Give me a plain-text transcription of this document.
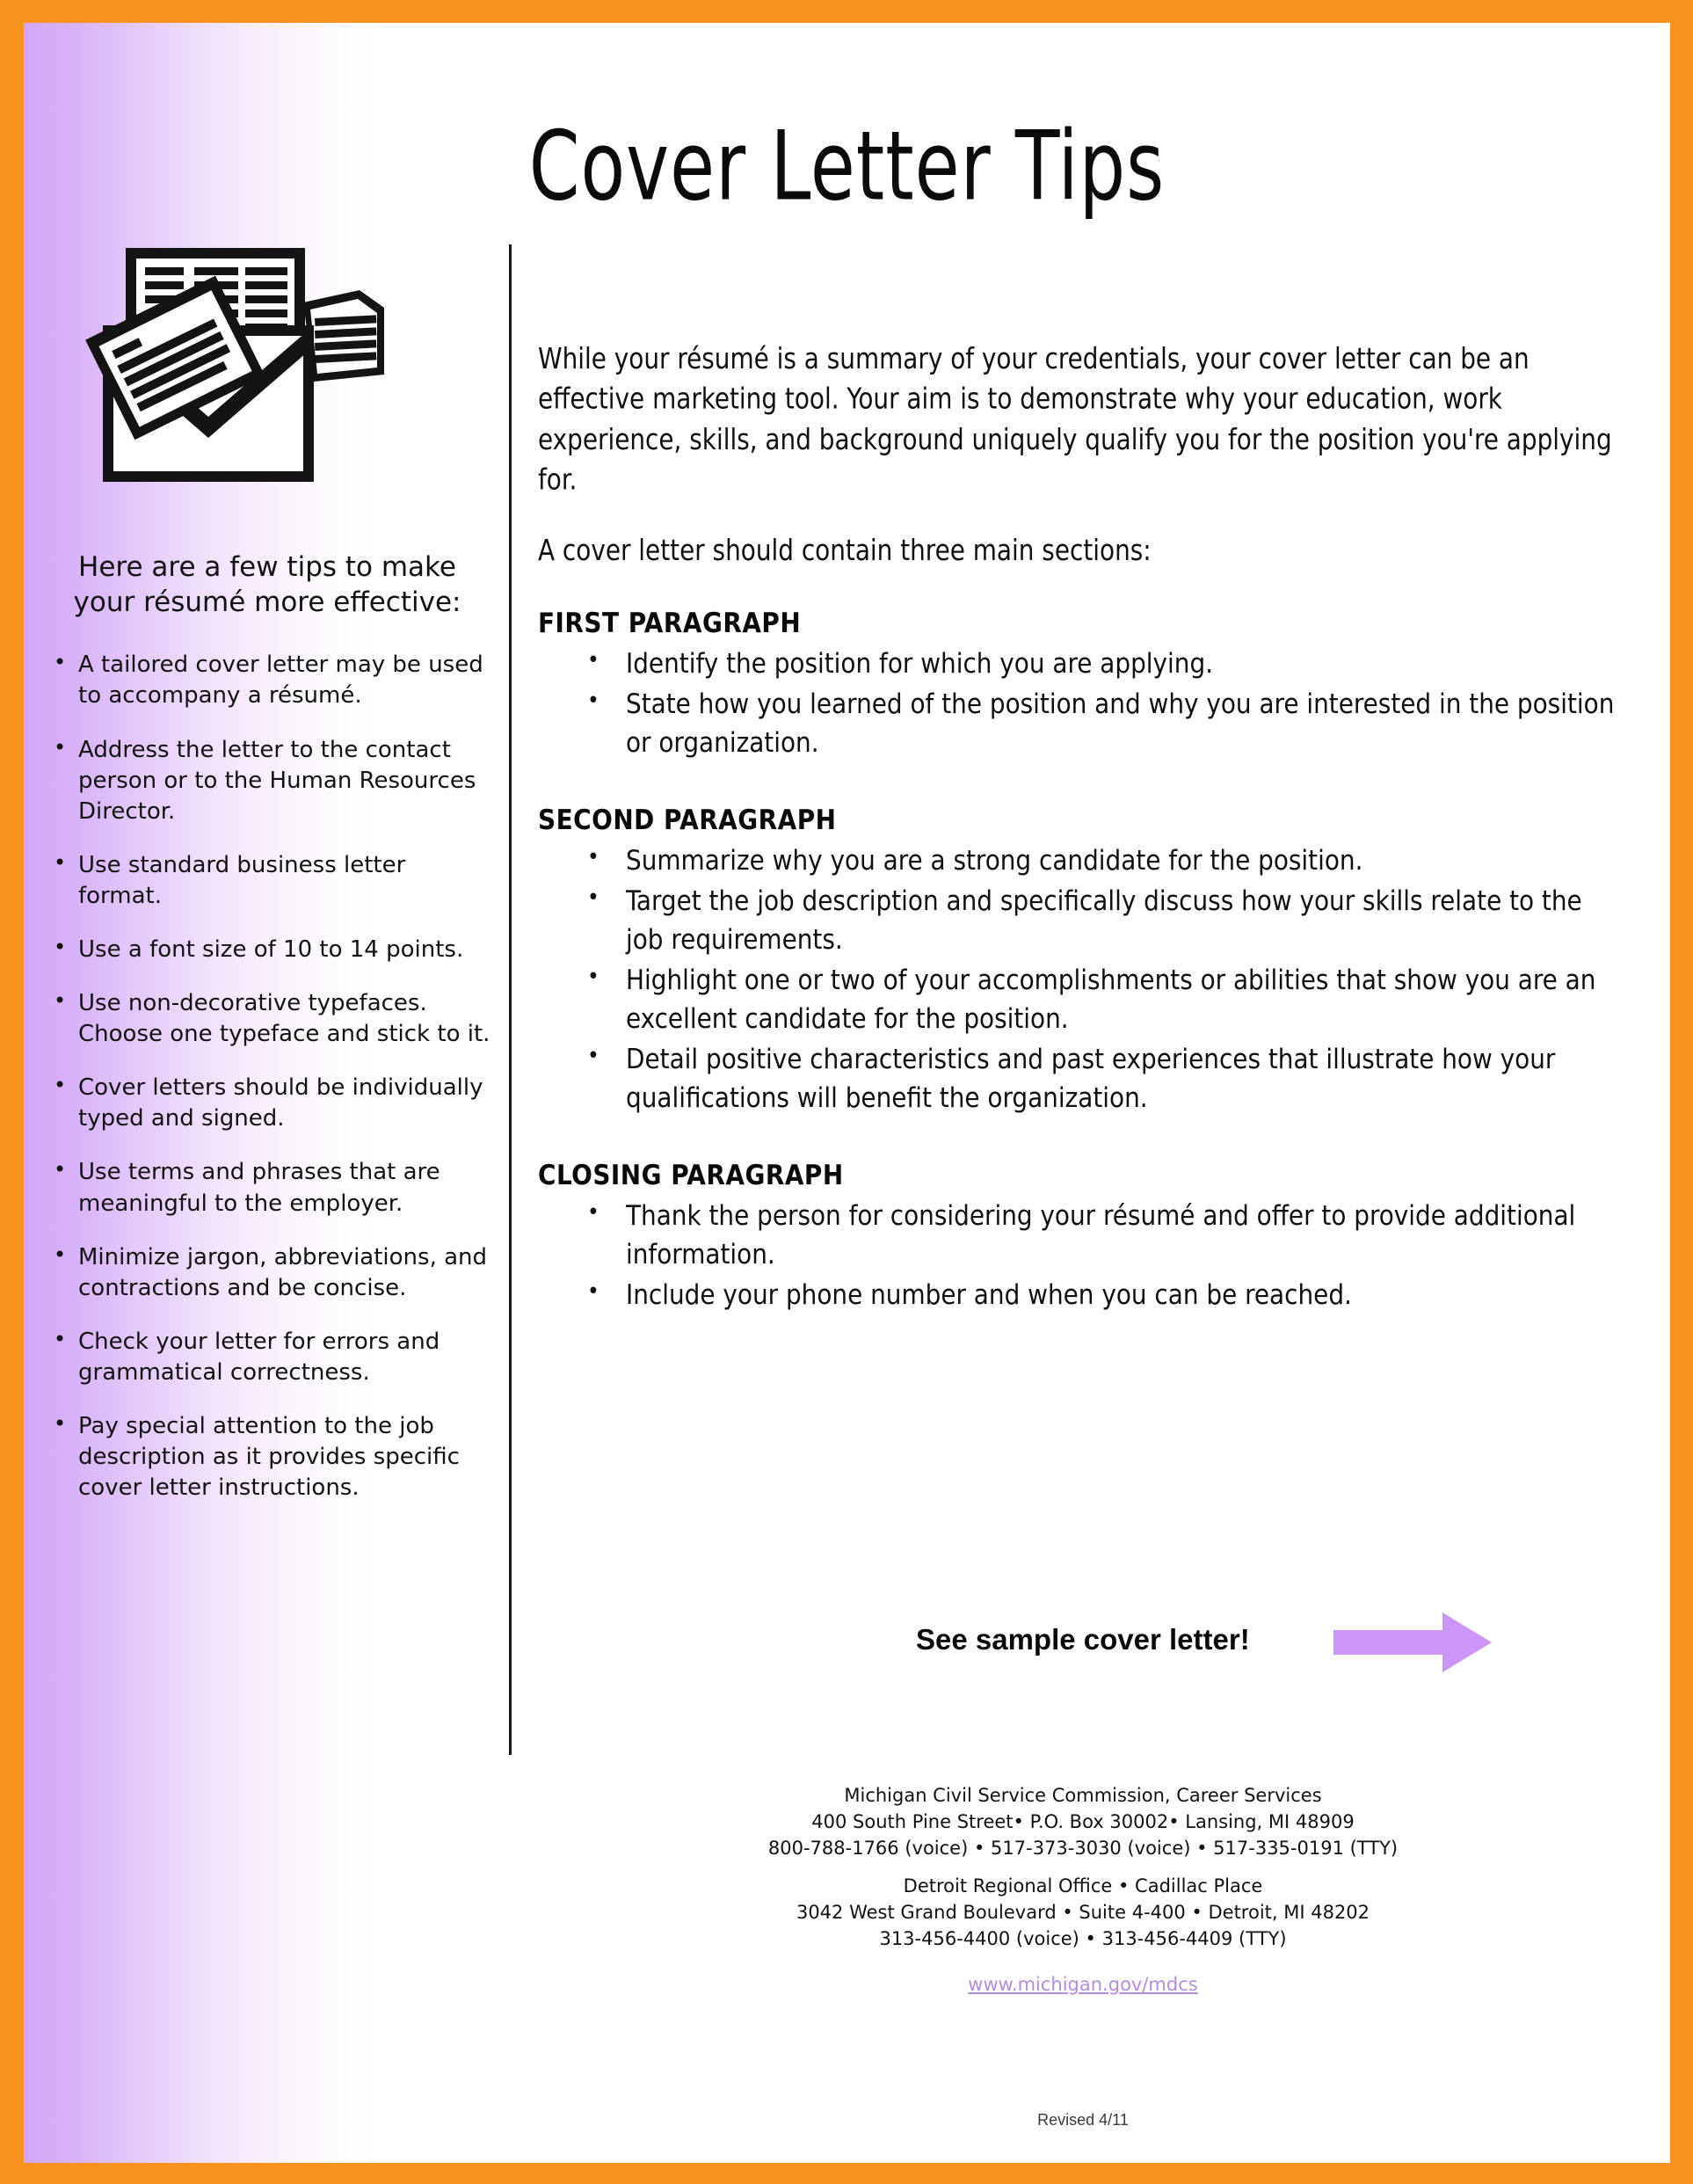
Cover Letter Tips
Here are a few tips to make your résumé more effective:
• A tailored cover letter may be used to accompany a résumé.
• Address the letter to the contact person or to the Human Resources Director.
• Use standard business letter format.
• Use a font size of 10 to 14 points.
• Use non-decorative typefaces. Choose one typeface and stick to it.
• Cover letters should be individually typed and signed.
• Use terms and phrases that are meaningful to the employer.
• Minimize jargon, abbreviations, and contractions and be concise.
• Check your letter for errors and grammatical correctness.
• Pay special attention to the job description as it provides specific cover letter instructions.

While your résumé is a summary of your credentials, your cover letter can be an effective marketing tool. Your aim is to demonstrate why your education, work experience, skills, and background uniquely qualify you for the position you're applying for.

A cover letter should contain three main sections:

FIRST PARAGRAPH
• Identify the position for which you are applying.
• State how you learned of the position and why you are interested in the position or organization.
SECOND PARAGRAPH
• Summarize why you are a strong candidate for the position.
• Target the job description and specifically discuss how your skills relate to the job requirements.
• Highlight one or two of your accomplishments or abilities that show you are an excellent candidate for the position.
• Detail positive characteristics and past experiences that illustrate how your qualifications will benefit the organization.
CLOSING PARAGRAPH
• Thank the person for considering your résumé and offer to provide additional information.
• Include your phone number and when you can be reached.
See sample cover letter!
Michigan Civil Service Commission, Career Services
400 South Pine Street• P.O. Box 30002• Lansing, MI 48909
800-788-1766 (voice) • 517-373-3030 (voice) • 517-335-0191 (TTY)
Detroit Regional Office • Cadillac Place
3042 West Grand Boulevard • Suite 4-400 • Detroit, MI 48202
313-456-4400 (voice) • 313-456-4409 (TTY)
www.michigan.gov/mdcs
Revised 4/11
